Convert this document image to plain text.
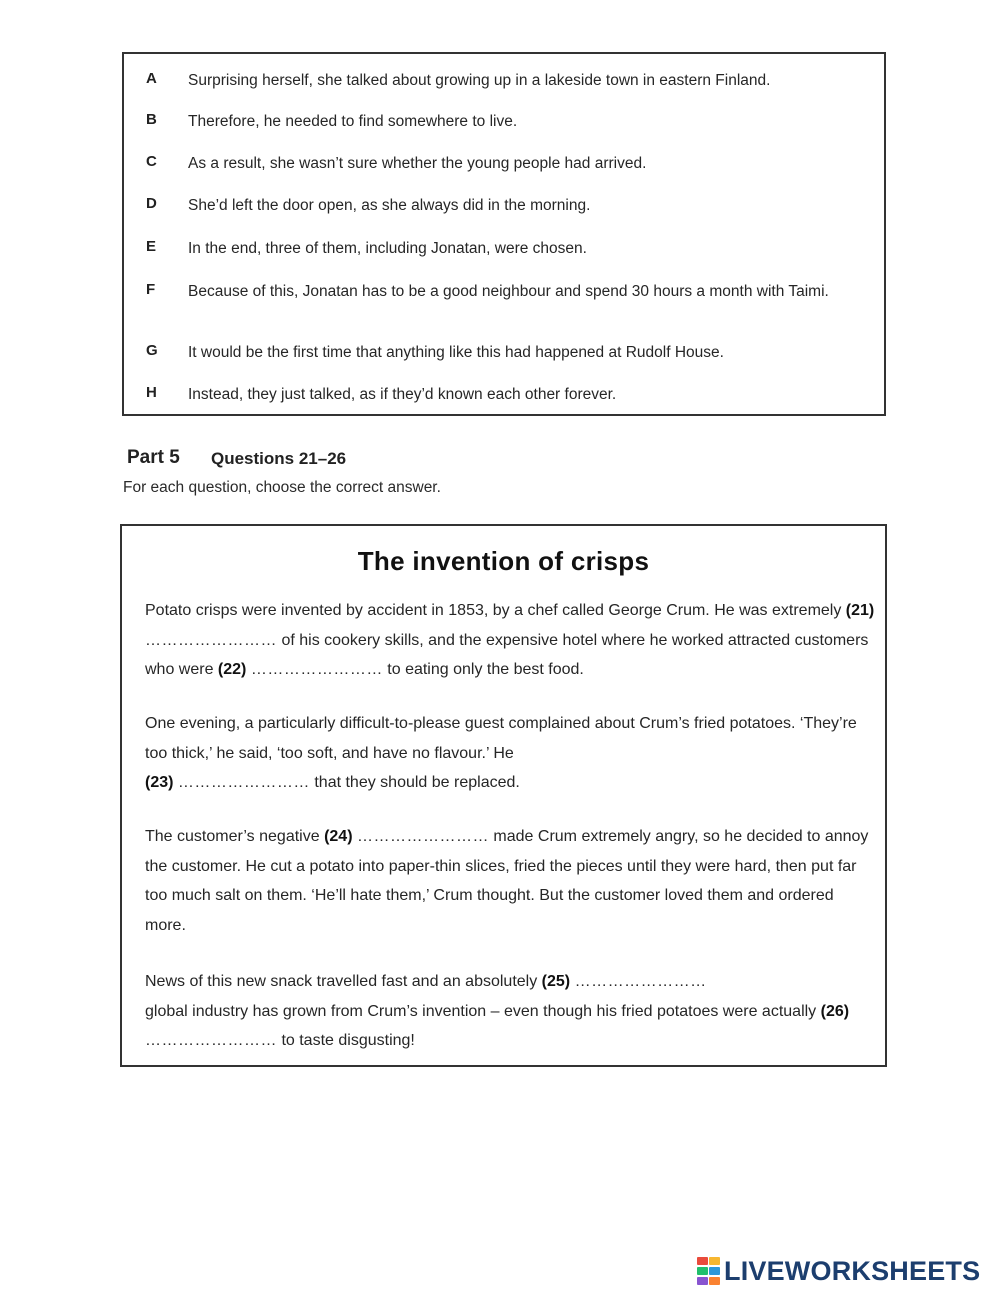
A Surprising herself, she talked about growing up in a lakeside town in eastern Finland.
B Therefore, he needed to find somewhere to live.
C As a result, she wasn’t sure whether the young people had arrived.
D She’d left the door open, as she always did in the morning.
E In the end, three of them, including Jonatan, were chosen.
F Because of this, Jonatan has to be a good neighbour and spend 30 hours a month with Taimi.
G It would be the first time that anything like this had happened at Rudolf House.
H Instead, they just talked, as if they’d known each other forever.
Part 5 Questions 21–26
For each question, choose the correct answer.
The invention of crisps
Potato crisps were invented by accident in 1853, by a chef called George Crum. He was extremely (21) …………………… of his cookery skills, and the expensive hotel where he worked attracted customers who were (22) …………………… to eating only the best food.
One evening, a particularly difficult-to-please guest complained about Crum’s fried potatoes. ‘They’re too thick,’ he said, ‘too soft, and have no flavour.’ He
(23) …………………… that they should be replaced.
The customer’s negative (24) …………………… made Crum extremely angry, so he decided to annoy the customer. He cut a potato into paper-thin slices, fried the pieces until they were hard, then put far too much salt on them. ‘He’ll hate them,’ Crum thought. But the customer loved them and ordered more.
News of this new snack travelled fast and an absolutely (25) ……………………
global industry has grown from Crum’s invention – even though his fried potatoes were actually (26) …………………… to taste disgusting!
LIVEWORKSHEETS
